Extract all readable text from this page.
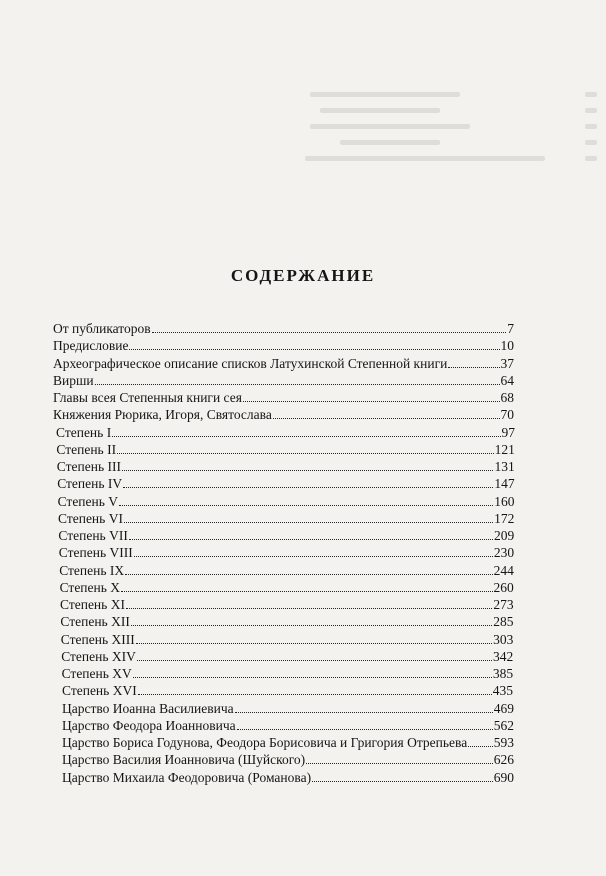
СОДЕРЖАНИЕ
От публикаторов	7
Предисловие	10
Археографическое описание списков Латухинской Степенной книги	37
Вирши	64
Главы всея Степенныя книги сея	68
Княжения Рюрика, Игоря, Святослава	70
Степень I	97
Степень II	121
Степень III	131
Степень IV	147
Степень V	160
Степень VI	172
Степень VII	209
Степень VIII	230
Степень IX	244
Степень X	260
Степень XI	273
Степень XII	285
Степень XIII	303
Степень XIV	342
Степень XV	385
Степень XVI	435
Царство Иоанна Василиевича	469
Царство Феодора Иоанновича	562
Царство Бориса Годунова, Феодора Борисовича и Григория Отрепьева 593
Царство Василия Иоанновича (Шуйского)	626
Царство Михаила Феодоровича (Романова)	690
